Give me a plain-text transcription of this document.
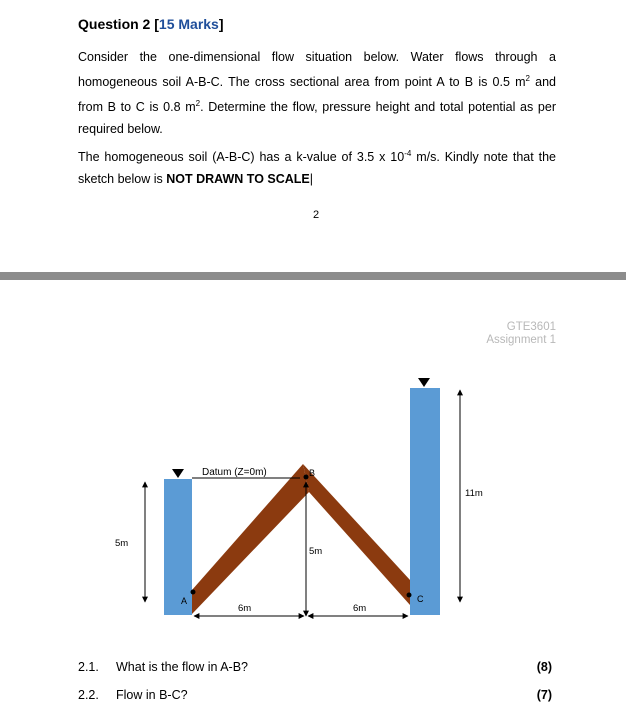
Question 2 [15 Marks]
Consider the one-dimensional flow situation below. Water flows through a homogeneous soil A-B-C. The cross sectional area from point A to B is 0.5 $m^2$ and from B to C is 0.8 $m^2$. Determine the flow, pressure height and total potential as per required below.
The homogeneous soil (A-B-C) has a k-value of 3.5 x $10^{-4}$ m/s. Kindly note that the sketch below is NOT DRAWN TO SCALE|
2
GTE3601
Assignment 1
Datum (Z=0m)
A
B
C
5m
5m
11m
6m	6m
2.1. What is the flow in A-B?	(8)
2.2. Flow in B-C?	(7)
